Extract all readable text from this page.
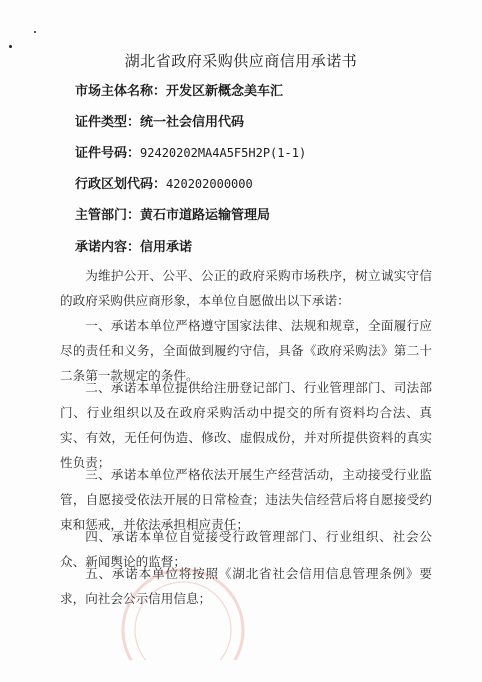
湖北省政府采购供应商信用承诺书
市场主体名称：开发区新概念美车汇
证件类型：统一社会信用代码
证件号码：92420202MA4A5F5H2P(1-1)
行政区划代码：420202000000
主管部门：黄石市道路运输管理局
承诺内容：信用承诺

为维护公开、公平、公正的政府采购市场秩序，树立诚实守信的政府采购供应商形象，本单位自愿做出以下承诺：

一、承诺本单位严格遵守国家法律、法规和规章，全面履行应尽的责任和义务，全面做到履约守信，具备《政府采购法》第二十二条第一款规定的条件。

二、承诺本单位提供给注册登记部门、行业管理部门、司法部门、行业组织以及在政府采购活动中提交的所有资料均合法、真实、有效，无任何伪造、修改、虚假成份，并对所提供资料的真实性负责；

三、承诺本单位严格依法开展生产经营活动，主动接受行业监管，自愿接受依法开展的日常检查；违法失信经营后将自愿接受约束和惩戒，并依法承担相应责任；

四、承诺本单位自觉接受行政管理部门、行业组织、社会公众、新闻舆论的监督；

五、承诺本单位将按照《湖北省社会信用信息管理条例》要求，向社会公示信用信息；
